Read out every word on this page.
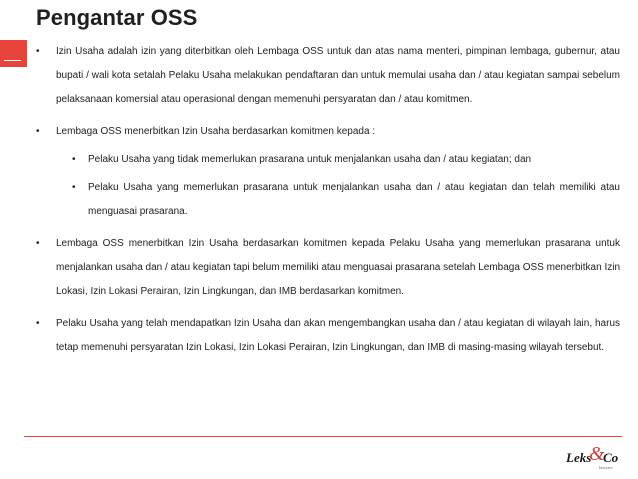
Pengantar OSS
• Izin Usaha adalah izin yang diterbitkan oleh Lembaga OSS untuk dan atas nama menteri, pimpinan lembaga, gubernur, atau bupati / wali kota setalah Pelaku Usaha melakukan pendaftaran dan untuk memulai usaha dan / atau kegiatan sampai sebelum pelaksanaan komersial atau operasional dengan memenuhi persyaratan dan / atau komitmen.
• Lembaga OSS menerbitkan Izin Usaha berdasarkan komitmen kepada :
• Pelaku Usaha yang tidak memerlukan prasarana untuk menjalankan usaha dan / atau kegiatan; dan
• Pelaku Usaha yang memerlukan prasarana untuk menjalankan usaha dan / atau kegiatan dan telah memiliki atau menguasai prasarana.
• Lembaga OSS menerbitkan Izin Usaha berdasarkan komitmen kepada Pelaku Usaha yang memerlukan prasarana untuk menjalankan usaha dan / atau kegiatan tapi belum memiliki atau menguasai prasarana setelah Lembaga OSS menerbitkan Izin Lokasi, Izin Lokasi Perairan, Izin Lingkungan, dan IMB berdasarkan komitmen.
• Pelaku Usaha yang telah mendapatkan Izin Usaha dan akan mengembangkan usaha dan / atau kegiatan di wilayah lain, harus tetap memenuhi persyaratan Izin Lokasi, Izin Lokasi Perairan, Izin Lingkungan, dan IMB di masing-masing wilayah tersebut.
Leks
&
Co
lawyers
